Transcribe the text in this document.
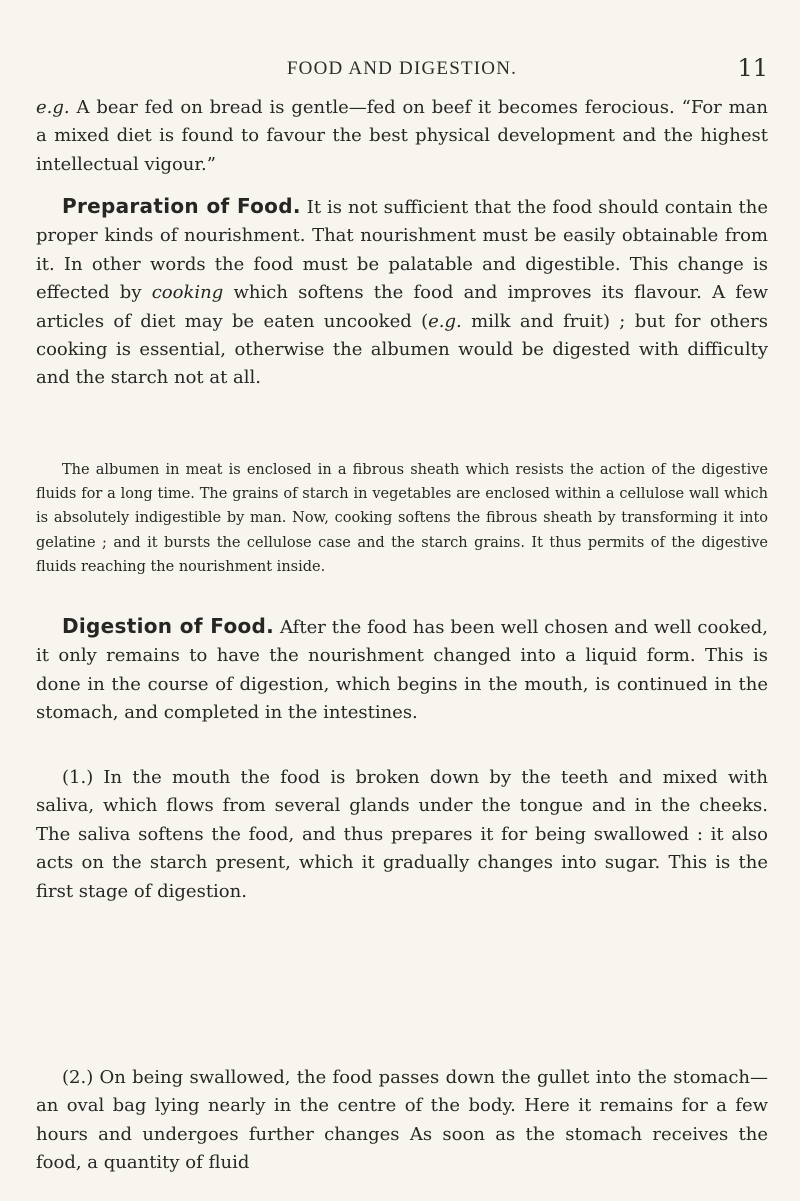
FOOD AND DIGESTION.	11

e.g. A bear fed on bread is gentle—fed on beef it becomes ferocious. “For man a mixed diet is found to favour the best physical development and the highest intellectual vigour.”

Preparation of Food. It is not sufficient that the food should contain the proper kinds of nourishment. That nourishment must be easily obtainable from it. In other words the food must be palatable and digestible. This change is effected by cooking which softens the food and improves its flavour. A few articles of diet may be eaten uncooked (e.g. milk and fruit) ; but for others cooking is essential, otherwise the albumen would be digested with difficulty and the starch not at all.

The albumen in meat is enclosed in a fibrous sheath which resists the action of the digestive fluids for a long time. The grains of starch in vegetables are enclosed within a cellulose wall which is absolutely indigestible by man. Now, cooking softens the fibrous sheath by transforming it into gelatine ; and it bursts the cellulose case and the starch grains. It thus permits of the digestive fluids reaching the nourishment inside.

Digestion of Food. After the food has been well chosen and well cooked, it only remains to have the nourishment changed into a liquid form. This is done in the course of digestion, which begins in the mouth, is continued in the stomach, and completed in the intestines.

(1.) In the mouth the food is broken down by the teeth and mixed with saliva, which flows from several glands under the tongue and in the cheeks. The saliva softens the food, and thus prepares it for being swallowed : it also acts on the starch present, which it gradually changes into sugar. This is the first stage of digestion.

(2.) On being swallowed, the food passes down the gullet into the stomach—an oval bag lying nearly in the centre of the body. Here it remains for a few hours and undergoes further changes As soon as the stomach receives the food, a quantity of fluid
